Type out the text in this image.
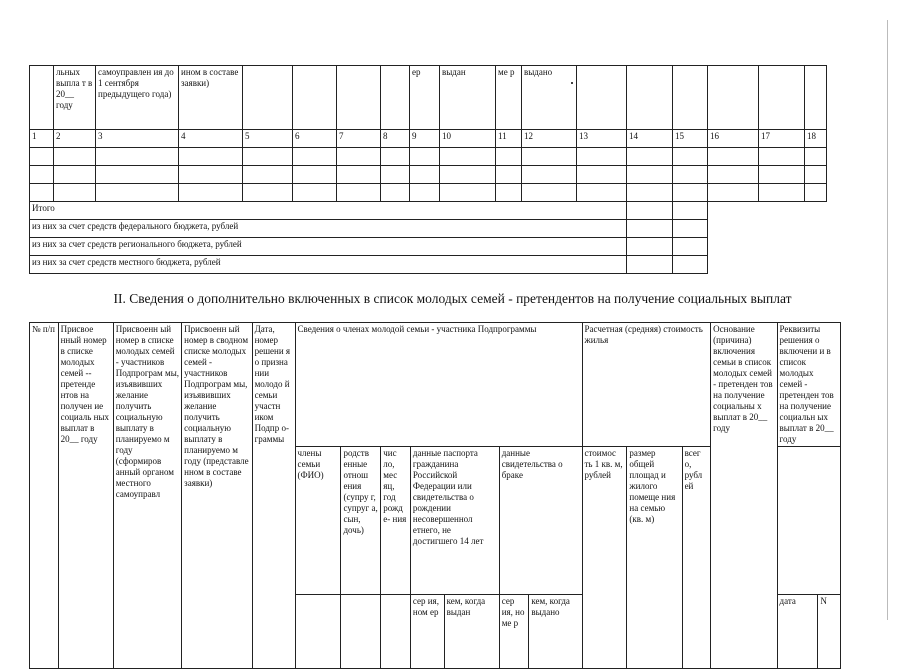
	льных выпла т в 20__ году	самоуправлен ия до 1 сентября предыдущего года)	ином в составе заявки)					ер	выдан	ме р	выдано						
1	2	3	4	5	6	7	8	9	10	11	12	13	14	15	16	17	18

Итого																	
из них за счет средств федерального бюджета, рублей																	
из них за счет средств регионального бюджета, рублей																	
из них за счет средств местного бюджета, рублей																	
II. Сведения о дополнительно включенных в список молодых семей - претендентов на получение социальных выплат
№ п/п	Присвое нный номер в списке молодых семей -- претенде нтов на получен ие социаль ных выплат в 20__ году	Присвоенн ый номер в списке молодых семей - участников Подпрограм мы, изъявивших желание получить социальную выплату в планируемо м году (сформиров анный органом местного самоуправл	Присвоенн ый номер в сводном списке молодых семей - участников Подпрограм мы, изъявивших желание получить социальную выплату в планируемо м году (представле нном в составе заявки)	Дата, номер решени я о призна нии молодо й семьи участн иком Подпр о- граммы	Сведения о членах молодой семьи - участника Подпрограммы							Расчетная (средняя) стоимость жилья			Основание (причина) включения семьи в список молодых семей - претенден тов на получение социальны х выплат в 20__ году	Реквизиты решения о включени и в список молодых семей - претенден тов на получение социальн ых выплат в 20__ году	
					члены семьи (ФИО)	родств енные отнош ения (супру г, супруг а, сын, дочь)	чис ло, мес яц, год рожд е- ния	данные паспорта гражданина Российской Федерации или свидетельства о рождении несовершеннол етнего, не достигшего 14 лет		данные свидетельства о браке		стоимос ть 1 кв. м, рублей	размер общей площад и жилого помеще ния на семью (кв. м)	всег о, рубл ей			
								сер ия, ном ер	кем, когда выдан	сер ия, но ме р	кем, когда выдано					дата	N
